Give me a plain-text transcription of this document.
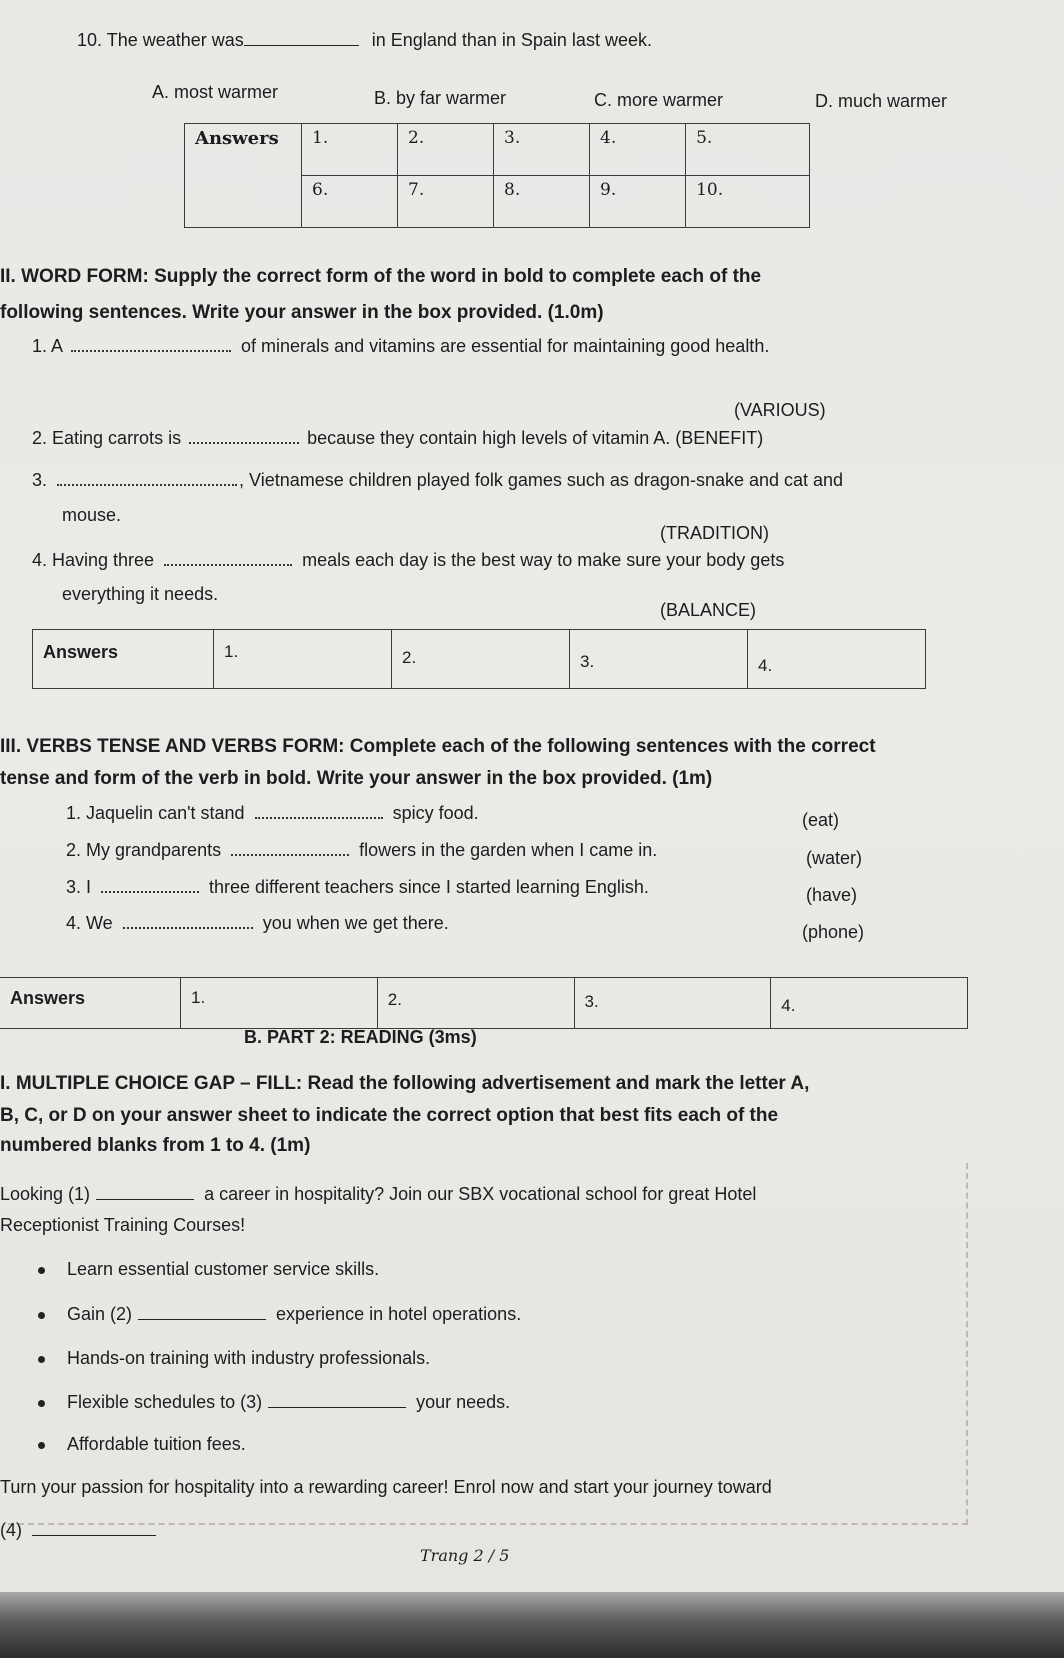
10. The weather was	in England than in Spain last week.
A. most warmer	B. by far warmer	C. more warmer	D. much warmer
Answers	1.	2.	3.	4.	5.
	6.	7.	8.	9.	10.
II. WORD FORM: Supply the correct form of the word in bold to complete each of the
following sentences. Write your answer in the box provided. (1.0m)
1. A	of minerals and vitamins are essential for maintaining good health.
(VARIOUS)
2. Eating carrots is	because they contain high levels of vitamin A. (BENEFIT)
3.	, Vietnamese children played folk games such as dragon-snake and cat and
mouse.
(TRADITION)
4. Having three	meals each day is the best way to make sure your body gets
everything it needs.
(BALANCE)
Answers	1.	2.	3.	4.
III. VERBS TENSE AND VERBS FORM: Complete each of the following sentences with the correct
tense and form of the verb in bold. Write your answer in the box provided. (1m)
1. Jaquelin can't stand	spicy food.	(eat)
2. My grandparents	flowers in the garden when I came in.	(water)
3. I	three different teachers since I started learning English.	(have)
4. We	you when we get there.	(phone)
Answers	1.	2.	3.	4.
B. PART 2: READING (3ms)
I. MULTIPLE CHOICE GAP – FILL: Read the following advertisement and mark the letter A,
B, C, or D on your answer sheet to indicate the correct option that best fits each of the
numbered blanks from 1 to 4. (1m)
Looking (1)	a career in hospitality? Join our SBX vocational school for great Hotel
Receptionist Training Courses!
Learn essential customer service skills.
Gain (2)	experience in hotel operations.
Hands-on training with industry professionals.
Flexible schedules to (3)	your needs.
Affordable tuition fees.
Turn your passion for hospitality into a rewarding career! Enrol now and start your journey toward
(4)
Trang 2 / 5
